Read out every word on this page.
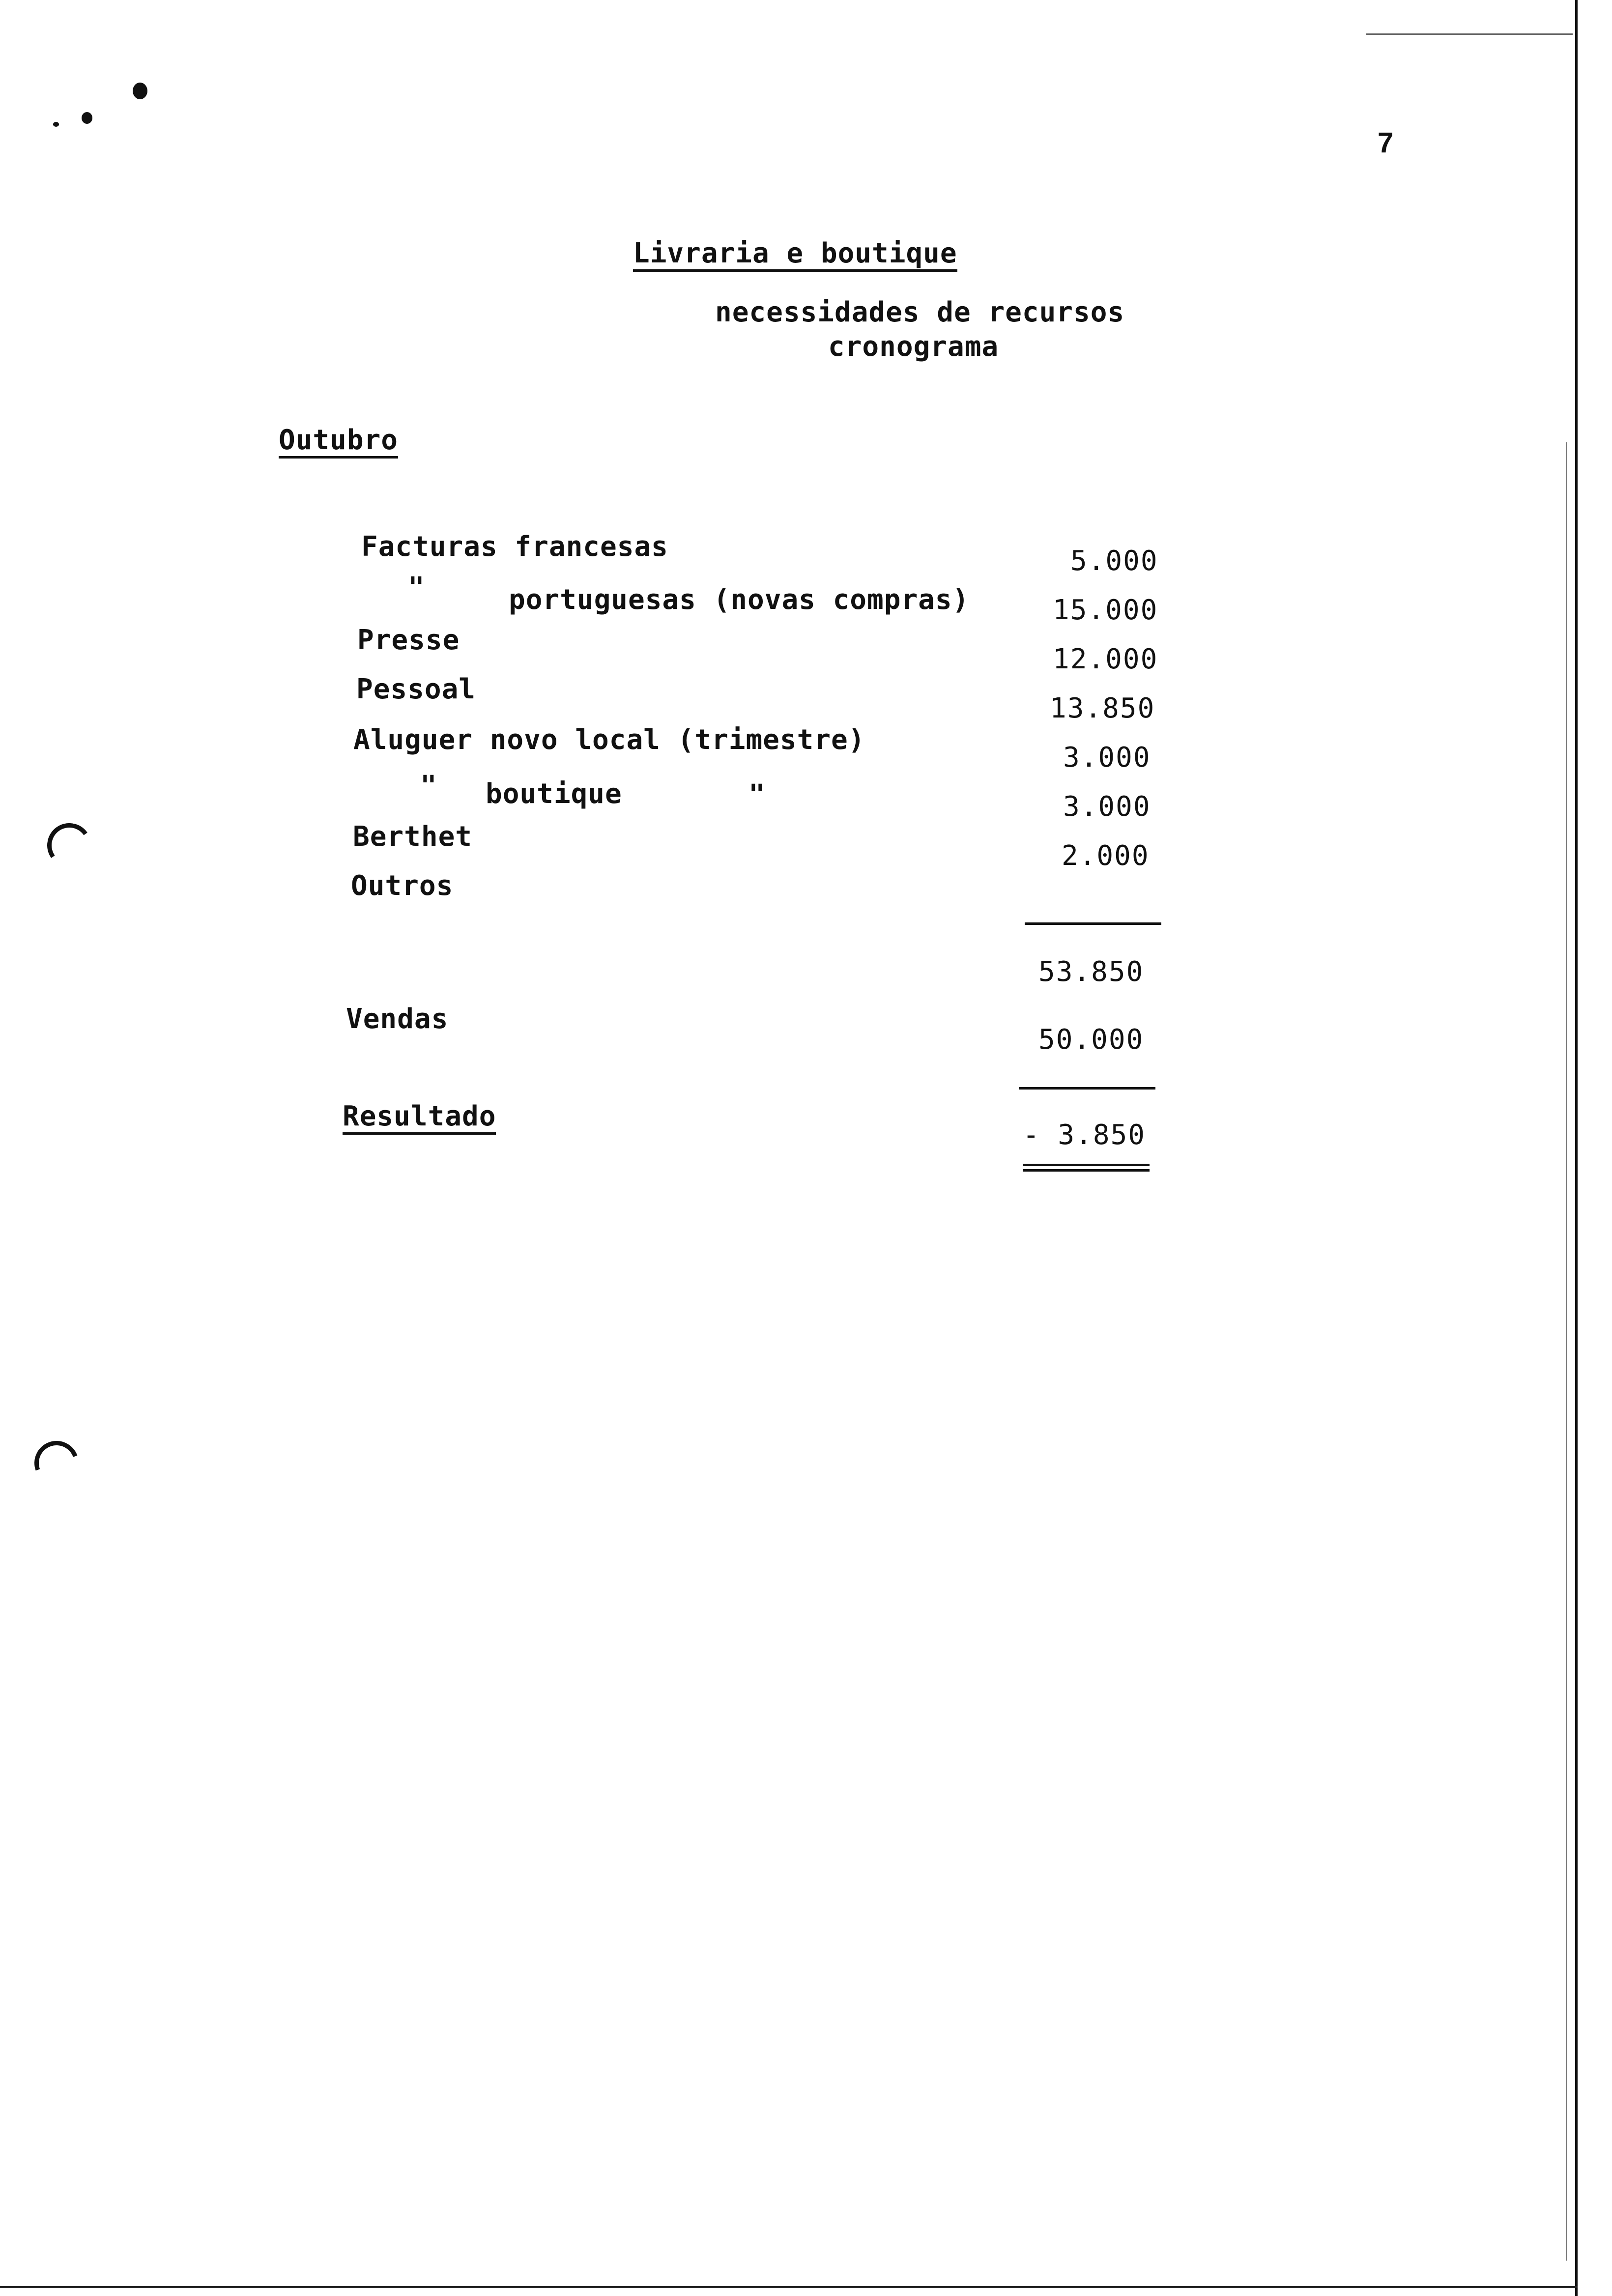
7
Livraria e boutique
necessidades de recursos
cronograma
Outubro
Facturas francesas
"	portuguesas (novas compras)
Presse
Pessoal
Aluguer novo local (trimestre)
" boutique	"
Berthet
Outros
5.000
15.000
12.000
13.850
3.000
3.000
2.000
53.850
Vendas
50.000
Resultado
- 3.850
